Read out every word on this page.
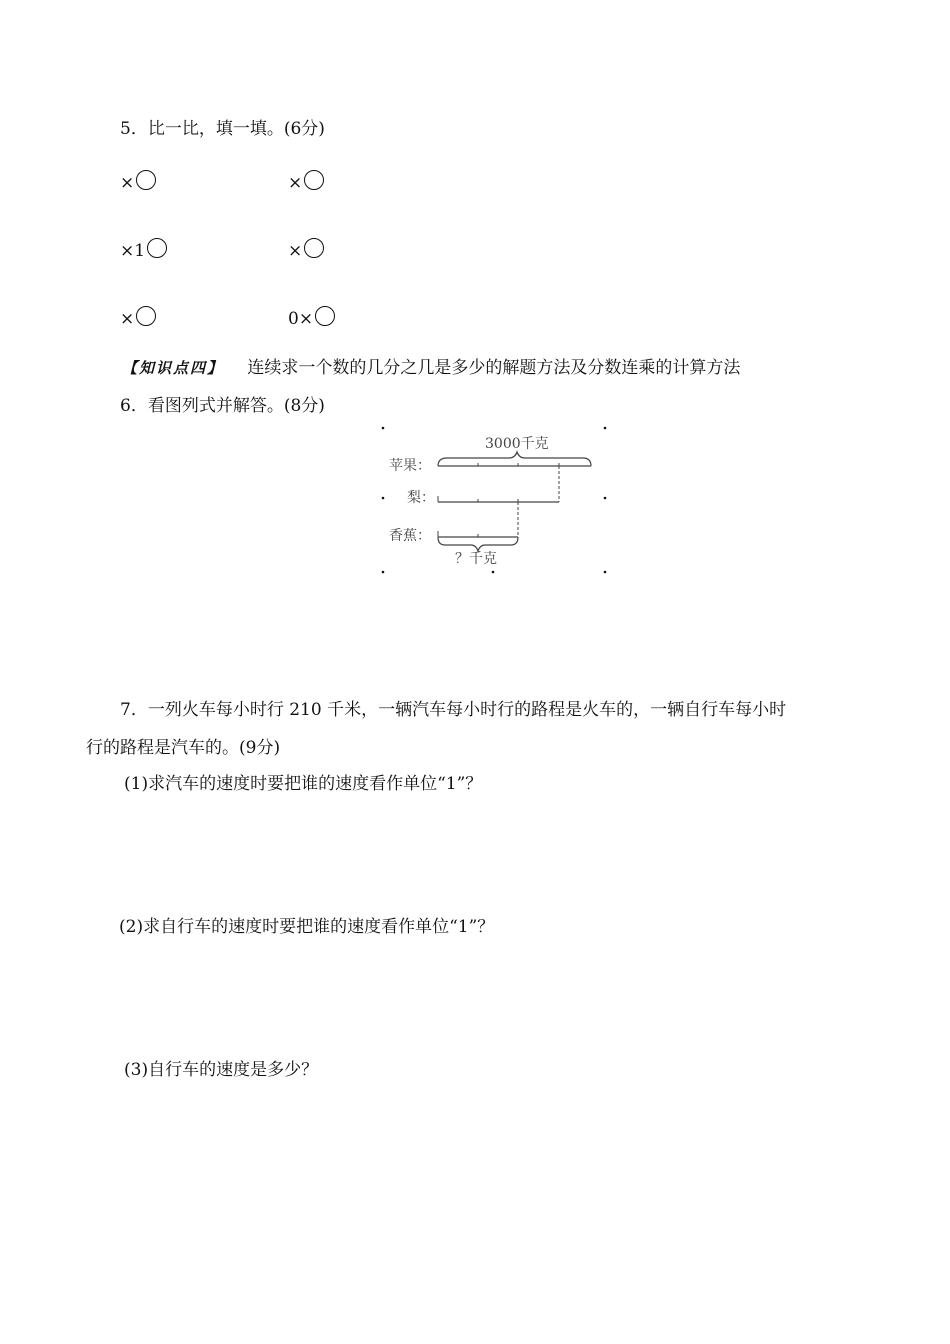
5．比一比，填一填。(6分)
×	×
×1	×
×	0×
【知识点四】 连续求一个数的几分之几是多少的解题方法及分数连乘的计算方法
6．看图列式并解答。(8分)
3000千克
苹果：
梨：
香蕉：
？千克
7．一列火车每小时行 210 千米，一辆汽车每小时行的路程是火车的，一辆自行车每小时
行的路程是汽车的。(9分)
(1)求汽车的速度时要把谁的速度看作单位“1”？
(2)求自行车的速度时要把谁的速度看作单位“1”？
(3)自行车的速度是多少？
